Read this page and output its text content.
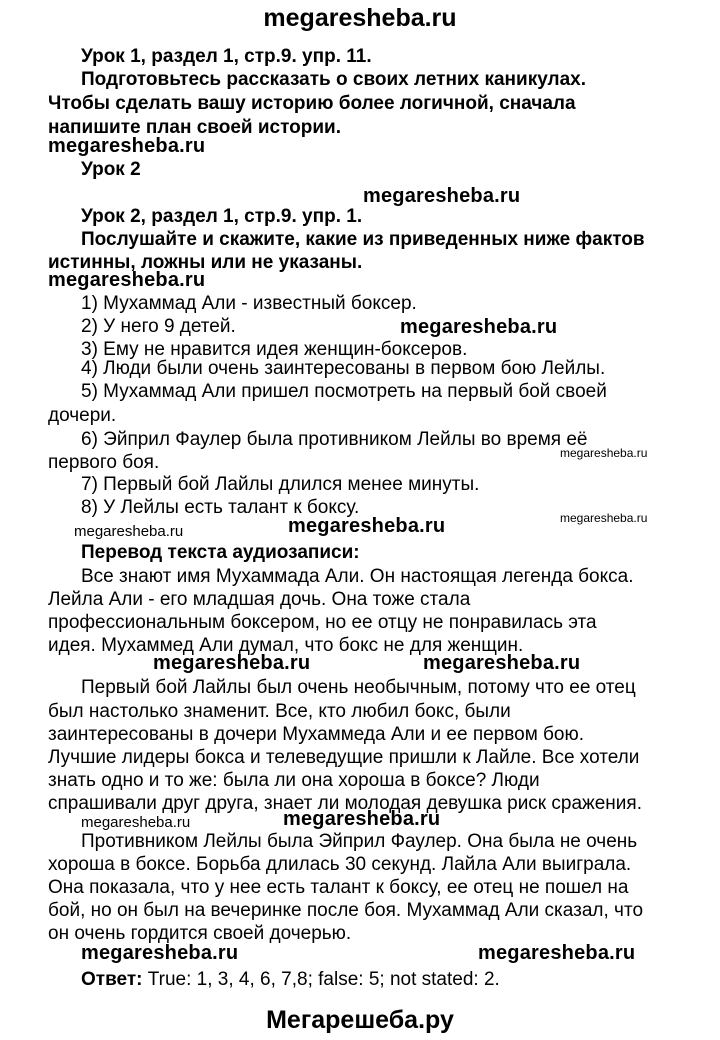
megaresheba.ru
Урок 1, раздел 1, стр.9. упр. 11.
Подготовьтесь рассказать о своих летних каникулах.
Чтобы сделать вашу историю более логичной, сначала
напишите план своей истории.
megaresheba.ru
Урок 2
megaresheba.ru
Урок 2, раздел 1, стр.9. упр. 1.
Послушайте и скажите, какие из приведенных ниже фактов
истинны, ложны или не указаны.
megaresheba.ru
1) Мухаммад Али - известный боксер.
2) У него 9 детей.	megaresheba.ru
3) Ему не нравится идея женщин-боксеров.
4) Люди были очень заинтересованы в первом бою Лейлы.
5) Мухаммад Али пришел посмотреть на первый бой своей
дочери.
6) Эйприл Фаулер была противником Лейлы во время её
megaresheba.ru
первого боя.
7) Первый бой Лайлы длился менее минуты.
8) У Лейлы есть талант к боксу.	megaresheba.ru
megaresheba.ru	megaresheba.ru
Перевод текста аудиозаписи:
Все знают имя Мухаммада Али. Он настоящая легенда бокса.
Лейла Али - его младшая дочь. Она тоже стала
профессиональным боксером, но ее отцу не понравилась эта
идея. Мухаммед Али думал, что бокс не для женщин.
megaresheba.ru	megaresheba.ru
Первый бой Лайлы был очень необычным, потому что ее отец
был настолько знаменит. Все, кто любил бокс, были
заинтересованы в дочери Мухаммеда Али и ее первом бою.
Лучшие лидеры бокса и телеведущие пришли к Лайле. Все хотели
знать одно и то же: была ли она хороша в боксе? Люди
спрашивали друг друга, знает ли молодая девушка риск сражения.
megaresheba.ru	megaresheba.ru
Противником Лейлы была Эйприл Фаулер. Она была не очень
хороша в боксе. Борьба длилась 30 секунд. Лайла Али выиграла.
Она показала, что у нее есть талант к боксу, ее отец не пошел на
бой, но он был на вечеринке после боя. Мухаммад Али сказал, что
он очень гордится своей дочерью.
megaresheba.ru	megaresheba.ru
Ответ: True: 1, 3, 4, 6, 7,8; false: 5; not stated: 2.
Мегарешеба.ру
